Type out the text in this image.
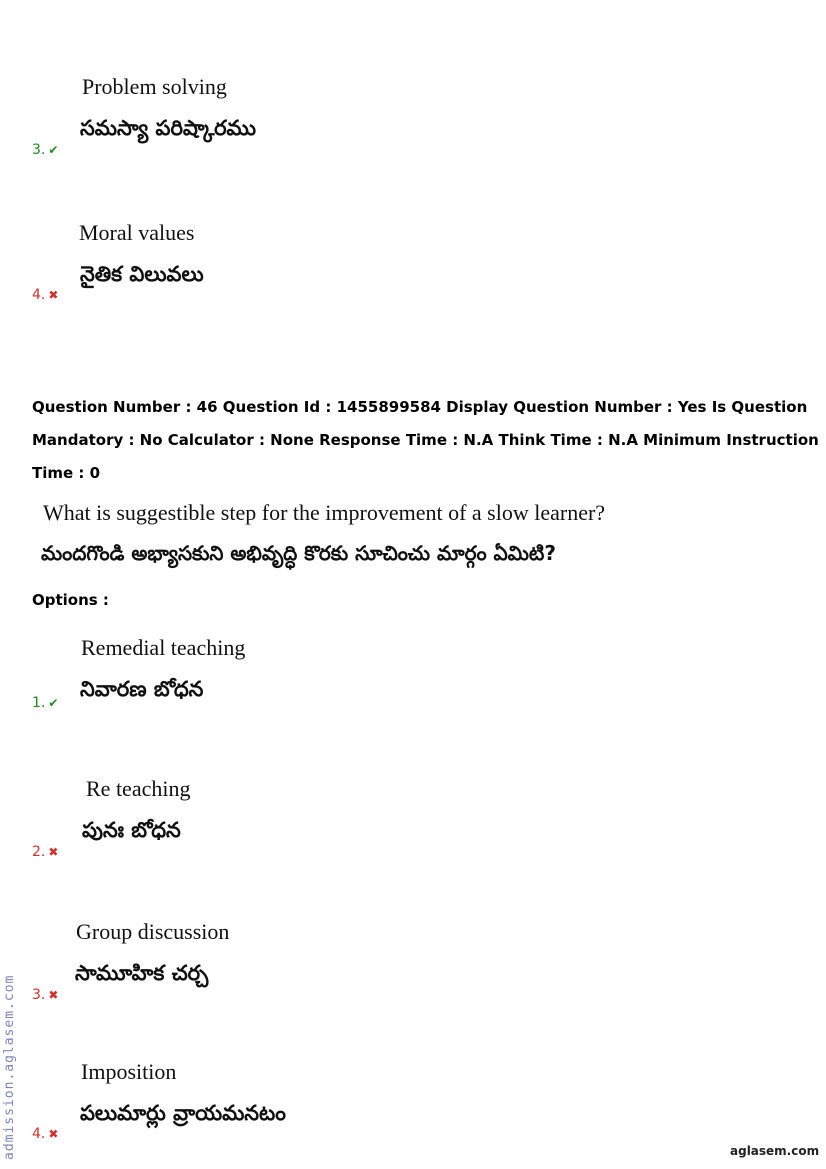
Problem solving
సమస్యా పరిష్కారము
3. ✔
Moral values
నైతిక విలువలు
4. ✖
Question Number : 46 Question Id : 1455899584 Display Question Number : Yes Is Question
Mandatory : No Calculator : None Response Time : N.A Think Time : N.A Minimum Instruction
Time : 0
What is suggestible step for the improvement of a slow learner?
మందగొండి అభ్యాసకుని అభివృద్ధి కొరకు సూచించు మార్గం ఏమిటి?
Options :
Remedial teaching
నివారణ బోధన
1. ✔
Re teaching
పునః బోధన
2. ✖
Group discussion
సామూహిక చర్చ
3. ✖
Imposition
పలుమార్లు వ్రాయమనటం
4. ✖
admission.aglasem.com	aglasem.com
